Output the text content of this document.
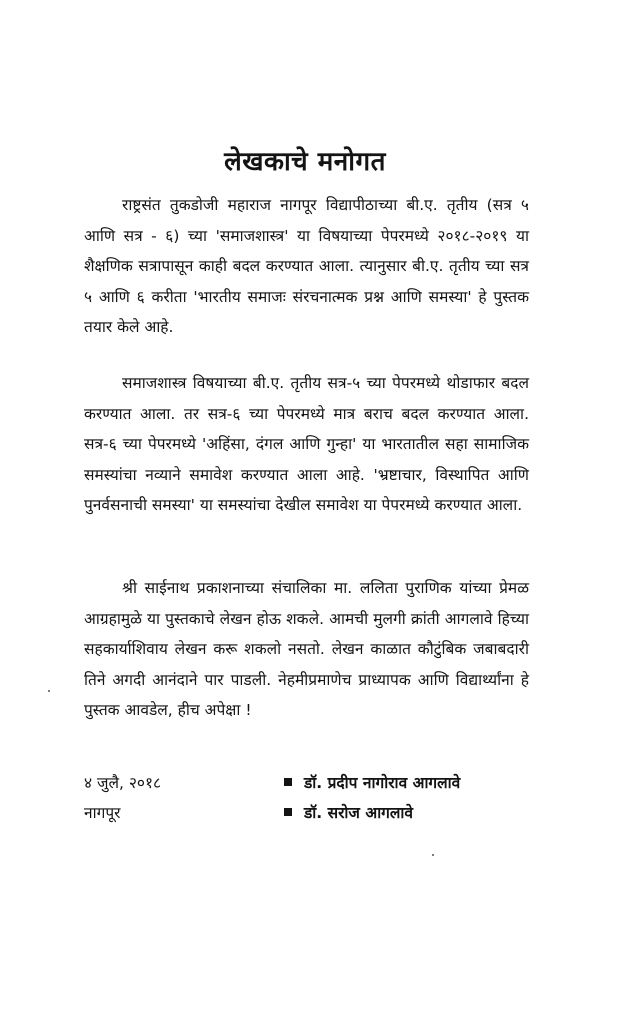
लेखकाचे मनोगत

राष्ट्रसंत तुकडोजी महाराज नागपूर विद्यापीठाच्या बी.ए. तृतीय (सत्र ५ आणि सत्र - ६) च्या 'समाजशास्त्र' या विषयाच्या पेपरमध्ये २०१८-२०१९ या शैक्षणिक सत्रापासून काही बदल करण्यात आला. त्यानुसार बी.ए. तृतीय च्या सत्र ५ आणि ६ करीता 'भारतीय समाजः संरचनात्मक प्रश्न आणि समस्या' हे पुस्तक तयार केले आहे.

समाजशास्त्र विषयाच्या बी.ए. तृतीय सत्र-५ च्या पेपरमध्ये थोडाफार बदल करण्यात आला. तर सत्र-६ च्या पेपरमध्ये मात्र बराच बदल करण्यात आला. सत्र-६ च्या पेपरमध्ये 'अहिंसा, दंगल आणि गुन्हा' या भारतातील सहा सामाजिक समस्यांचा नव्याने समावेश करण्यात आला आहे. 'भ्रष्टाचार, विस्थापित आणि पुनर्वसनाची समस्या' या समस्यांचा देखील समावेश या पेपरमध्ये करण्यात आला.

श्री साईनाथ प्रकाशनाच्या संचालिका मा. ललिता पुराणिक यांच्या प्रेमळ आग्रहामुळे या पुस्तकाचे लेखन होऊ शकले. आमची मुलगी क्रांती आगलावे हिच्या सहकार्याशिवाय लेखन करू शकलो नसतो. लेखन काळात कौटुंबिक जबाबदारी तिने अगदी आनंदाने पार पाडली. नेहमीप्रमाणेच प्राध्यापक आणि विद्यार्थ्यांना हे पुस्तक आवडेल, हीच अपेक्षा !

४ जुलै, २०१८

नागपूर

डॉ. प्रदीप नागोराव आगलावे

डॉ. सरोज आगलावे
